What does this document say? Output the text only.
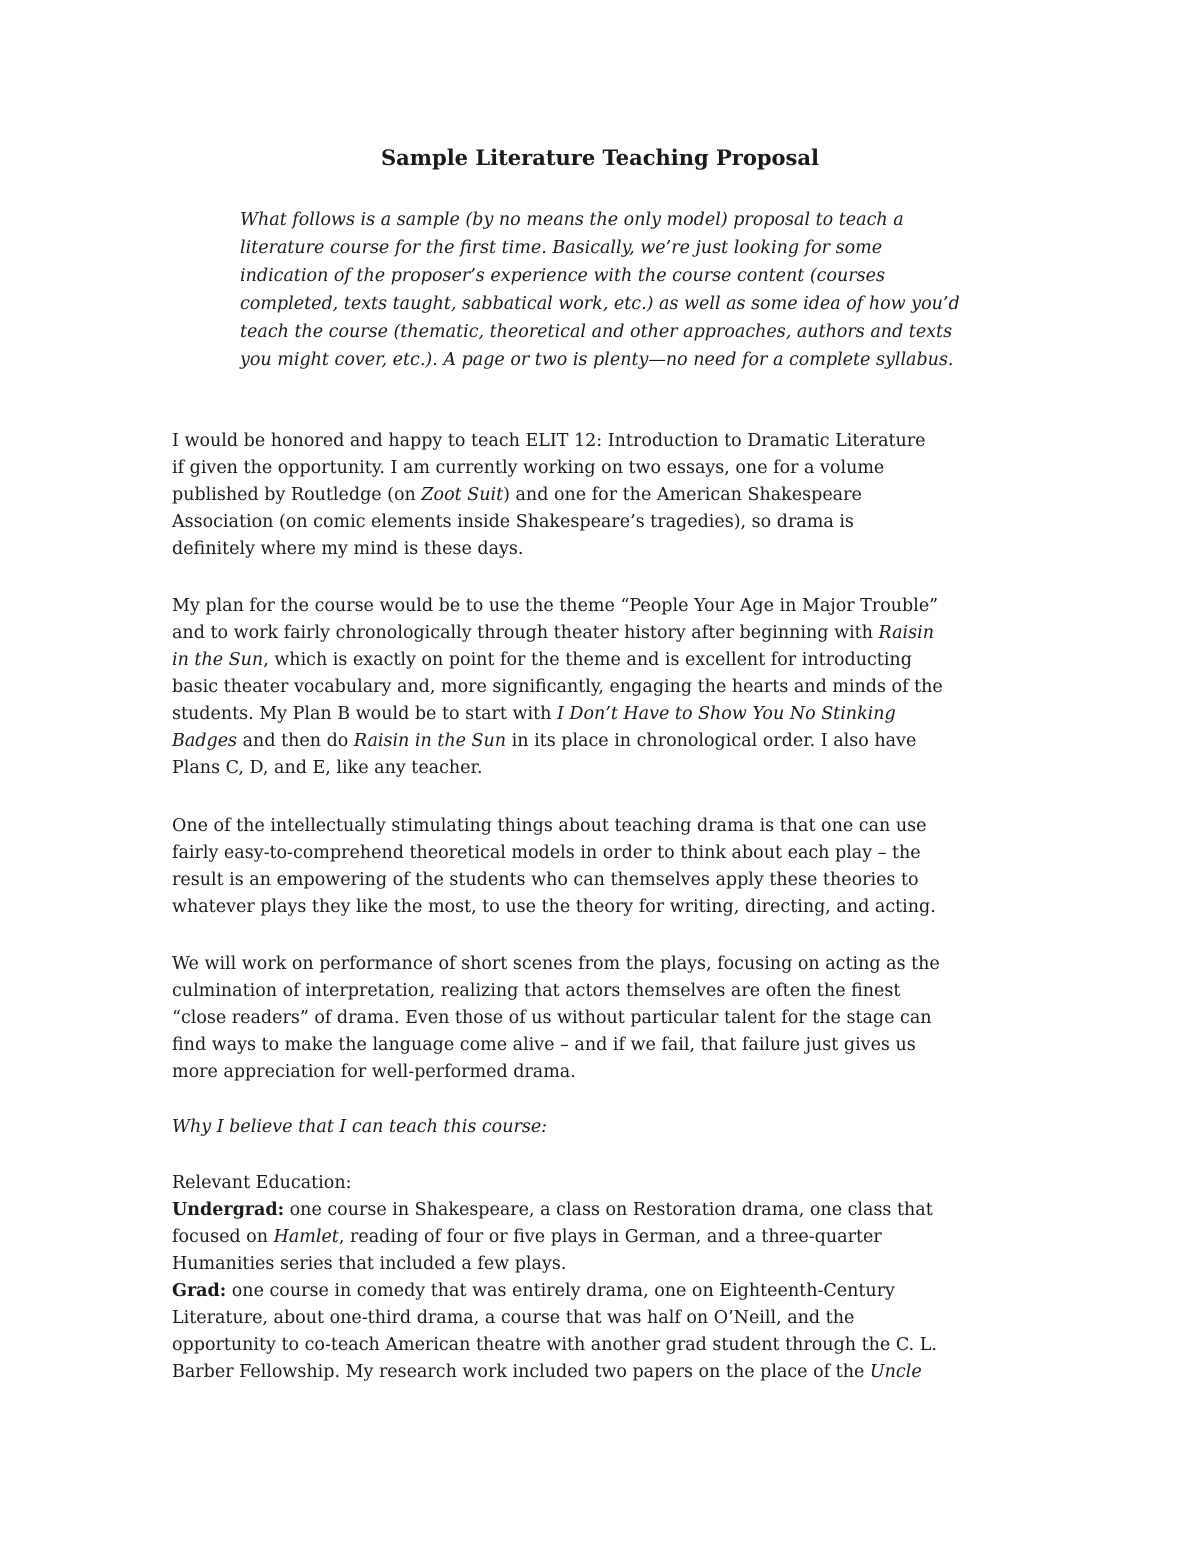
Sample Literature Teaching Proposal
What follows is a sample (by no means the only model) proposal to teach a
literature course for the first time. Basically, we’re just looking for some
indication of the proposer’s experience with the course content (courses
completed, texts taught, sabbatical work, etc.) as well as some idea of how you’d
teach the course (thematic, theoretical and other approaches, authors and texts
you might cover, etc.). A page or two is plenty—no need for a complete syllabus.
I would be honored and happy to teach ELIT 12: Introduction to Dramatic Literature
if given the opportunity. I am currently working on two essays, one for a volume
published by Routledge (on Zoot Suit) and one for the American Shakespeare
Association (on comic elements inside Shakespeare’s tragedies), so drama is
definitely where my mind is these days.
My plan for the course would be to use the theme “People Your Age in Major Trouble”
and to work fairly chronologically through theater history after beginning with Raisin
in the Sun, which is exactly on point for the theme and is excellent for introducting
basic theater vocabulary and, more significantly, engaging the hearts and minds of the
students. My Plan B would be to start with I Don’t Have to Show You No Stinking
Badges and then do Raisin in the Sun in its place in chronological order. I also have
Plans C, D, and E, like any teacher.
One of the intellectually stimulating things about teaching drama is that one can use
fairly easy-to-comprehend theoretical models in order to think about each play – the
result is an empowering of the students who can themselves apply these theories to
whatever plays they like the most, to use the theory for writing, directing, and acting.
We will work on performance of short scenes from the plays, focusing on acting as the
culmination of interpretation, realizing that actors themselves are often the finest
“close readers” of drama. Even those of us without particular talent for the stage can
find ways to make the language come alive – and if we fail, that failure just gives us
more appreciation for well-performed drama.
Why I believe that I can teach this course:
Relevant Education:
Undergrad: one course in Shakespeare, a class on Restoration drama, one class that
focused on Hamlet, reading of four or five plays in German, and a three-quarter
Humanities series that included a few plays.
Grad: one course in comedy that was entirely drama, one on Eighteenth-Century
Literature, about one-third drama, a course that was half on O’Neill, and the
opportunity to co-teach American theatre with another grad student through the C. L.
Barber Fellowship. My research work included two papers on the place of the Uncle
